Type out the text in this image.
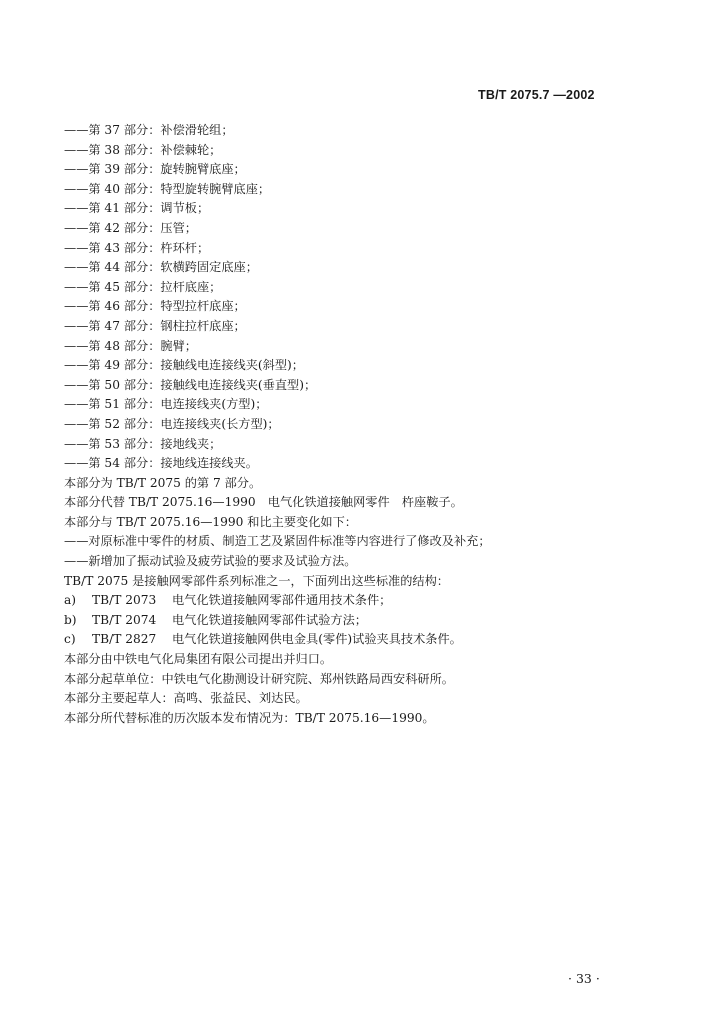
TB/T 2075.7 —2002
——第 37 部分：补偿滑轮组；
——第 38 部分：补偿棘轮；
——第 39 部分：旋转腕臂底座；
——第 40 部分：特型旋转腕臂底座；
——第 41 部分：调节板；
——第 42 部分：压管；
——第 43 部分：杵环杆；
——第 44 部分：软横跨固定底座；
——第 45 部分：拉杆底座；
——第 46 部分：特型拉杆底座；
——第 47 部分：钢柱拉杆底座；
——第 48 部分：腕臂；
——第 49 部分：接触线电连接线夹(斜型)；
——第 50 部分：接触线电连接线夹(垂直型)；
——第 51 部分：电连接线夹(方型)；
——第 52 部分：电连接线夹(长方型)；
——第 53 部分：接地线夹；
——第 54 部分：接地线连接线夹。
本部分为 TB/T 2075 的第 7 部分。
本部分代替 TB/T 2075.16—1990　电气化铁道接触网零件　杵座鞍子。
本部分与 TB/T 2075.16—1990 和比主要变化如下：
——对原标准中零件的材质、制造工艺及紧固件标准等内容进行了修改及补充；
——新增加了振动试验及疲劳试验的要求及试验方法。
TB/T 2075 是接触网零部件系列标准之一，下面列出这些标准的结构：
a) TB/T 2073 电气化铁道接触网零部件通用技术条件；
b) TB/T 2074 电气化铁道接触网零部件试验方法；
c) TB/T 2827 电气化铁道接触网供电金具(零件)试验夹具技术条件。
本部分由中铁电气化局集团有限公司提出并归口。
本部分起草单位：中铁电气化勘测设计研究院、郑州铁路局西安科研所。
本部分主要起草人：高鸣、张益民、刘达民。
本部分所代替标准的历次版本发布情况为：TB/T 2075.16—1990。
· 33 ·
